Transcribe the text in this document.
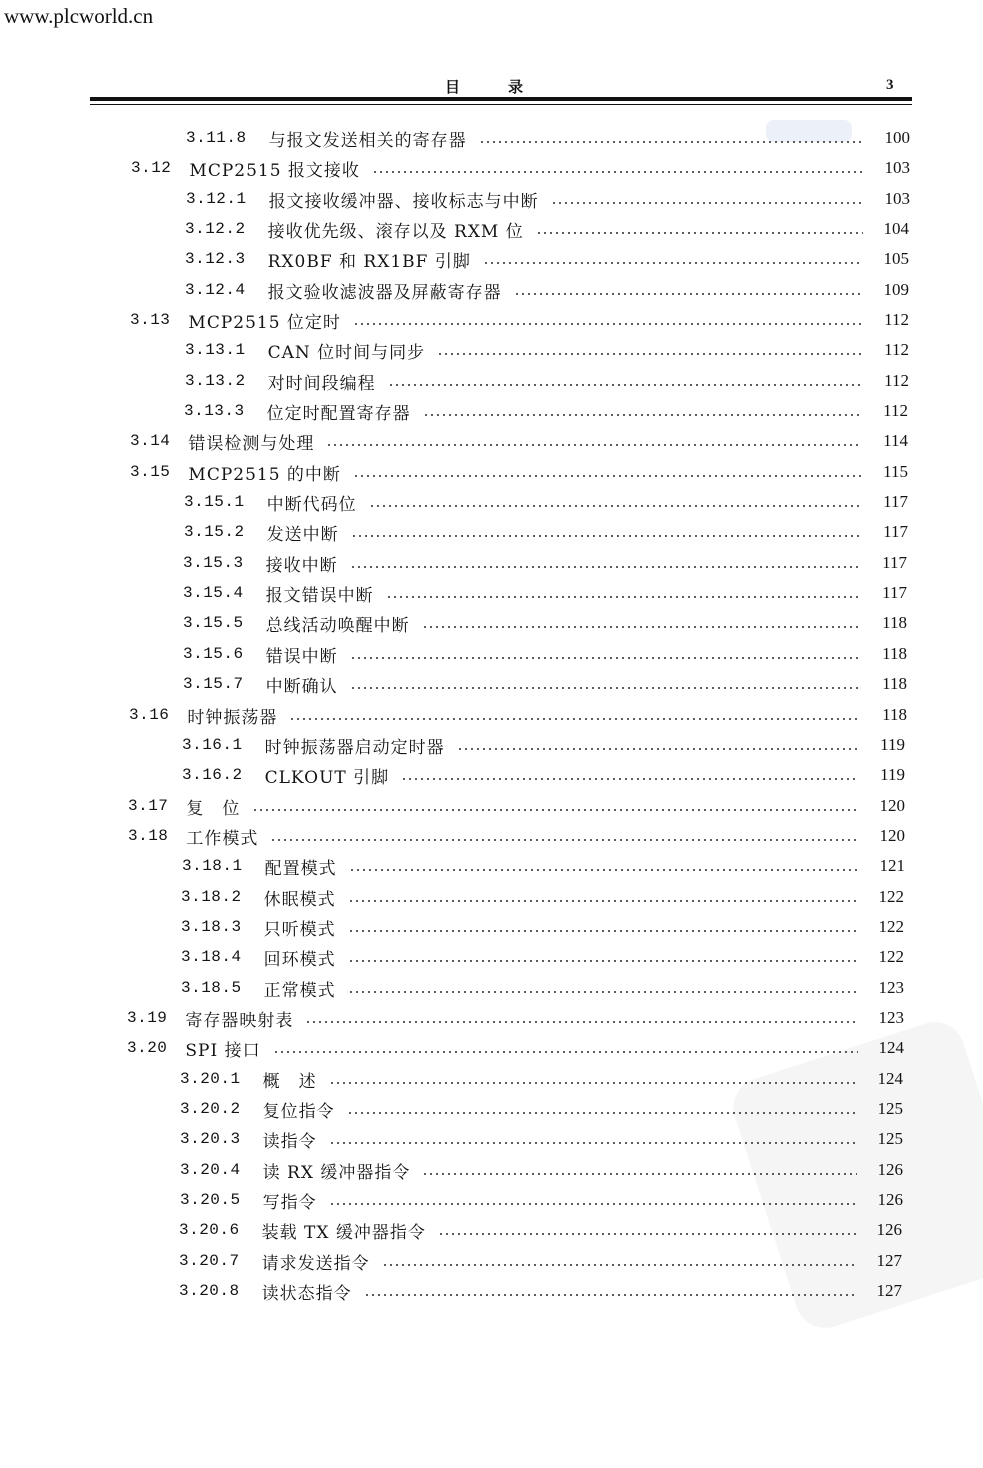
www.plcworld.cn
目	录	3
3.11.8 与报文发送相关的寄存器	100
3.12 MCP2515 报文接收	103
3.12.1 报文接收缓冲器、接收标志与中断	103
3.12.2 接收优先级、滚存以及 RXM 位	104
3.12.3 RX0BF 和 RX1BF 引脚	105
3.12.4 报文验收滤波器及屏蔽寄存器	109
3.13 MCP2515 位定时	112
3.13.1 CAN 位时间与同步	112
3.13.2 对时间段编程	112
3.13.3 位定时配置寄存器	112
3.14 错误检测与处理	114
3.15 MCP2515 的中断	115
3.15.1 中断代码位	117
3.15.2 发送中断	117
3.15.3 接收中断	117
3.15.4 报文错误中断	117
3.15.5 总线活动唤醒中断	118
3.15.6 错误中断	118
3.15.7 中断确认	118
3.16 时钟振荡器	118
3.16.1 时钟振荡器启动定时器	119
3.16.2 CLKOUT 引脚	119
3.17 复　位	120
3.18 工作模式	120
3.18.1 配置模式	121
3.18.2 休眠模式	122
3.18.3 只听模式	122
3.18.4 回环模式	122
3.18.5 正常模式	123
3.19 寄存器映射表	123
3.20 SPI 接口	124
3.20.1 概　述	124
3.20.2 复位指令	125
3.20.3 读指令	125
3.20.4 读 RX 缓冲器指令	126
3.20.5 写指令	126
3.20.6 装载 TX 缓冲器指令	126
3.20.7 请求发送指令	127
3.20.8 读状态指令	127
